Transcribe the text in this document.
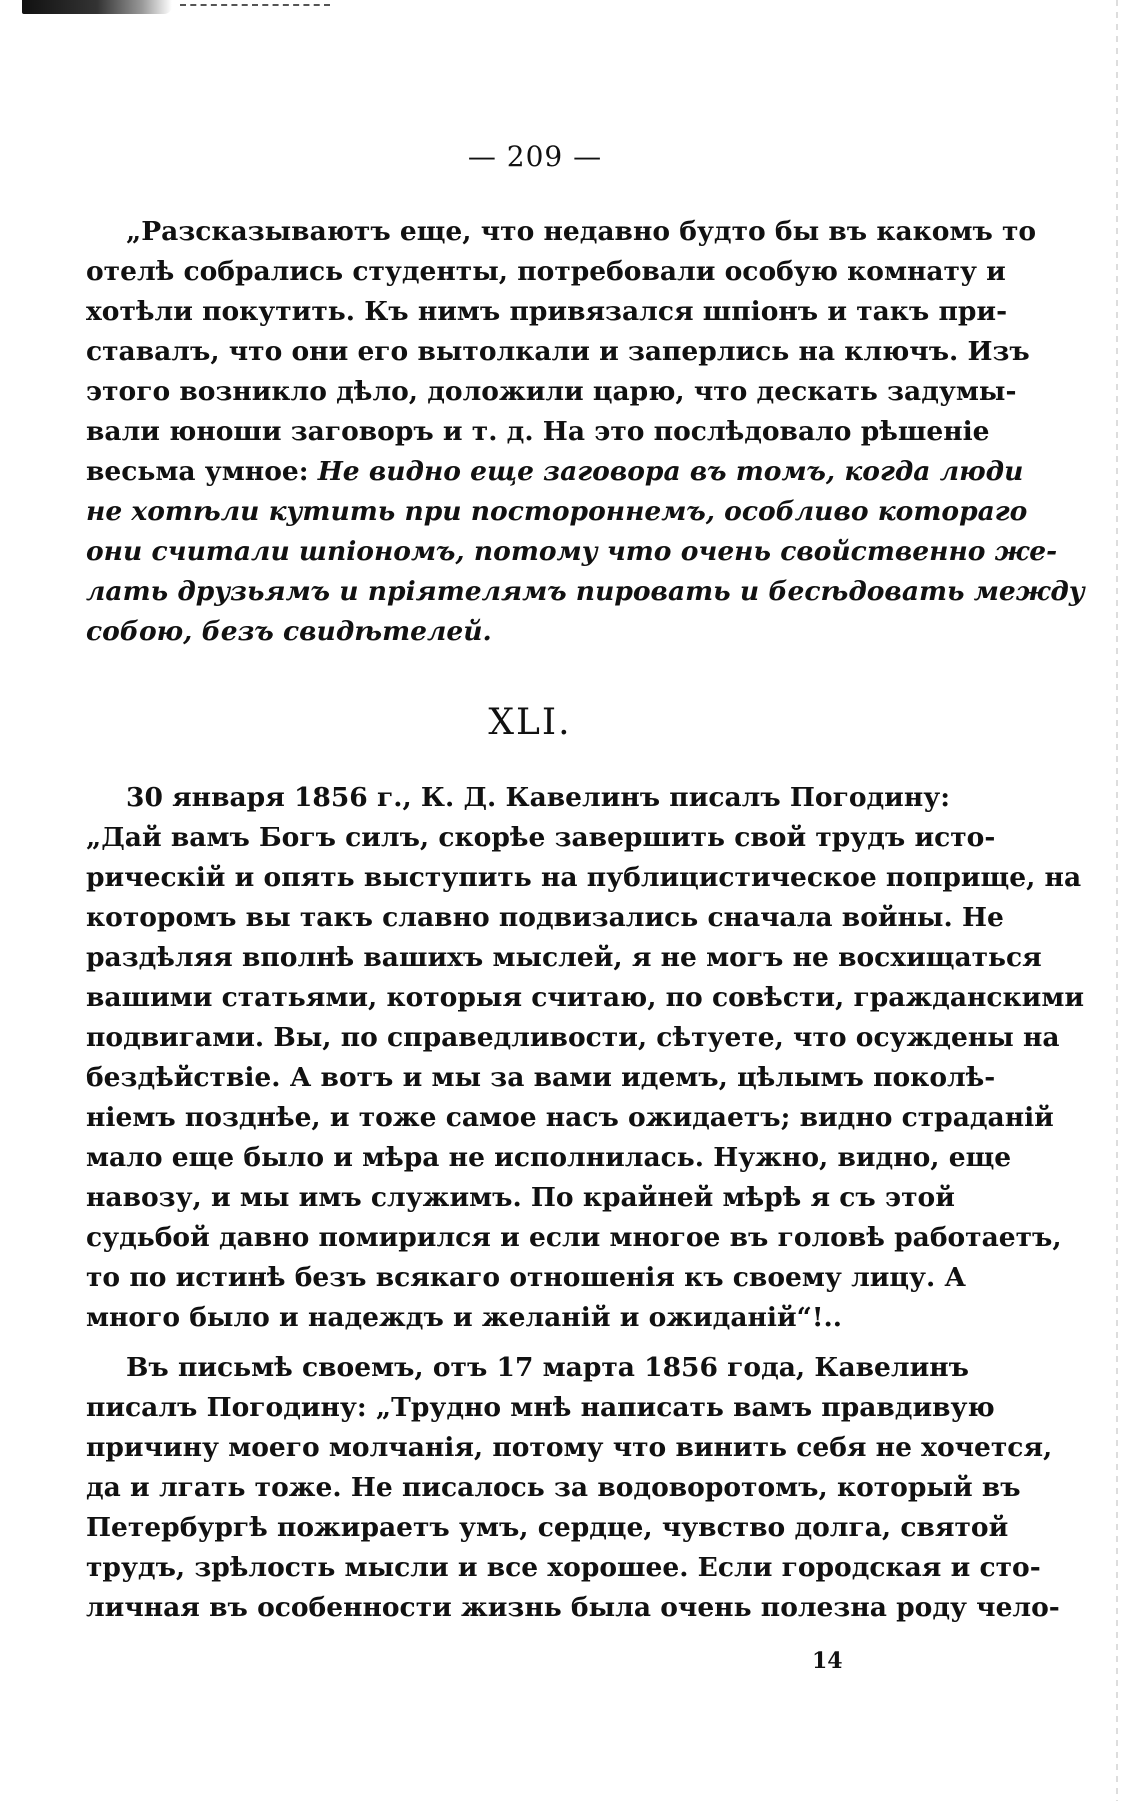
— 209 —
„Разсказываютъ еще, что недавно будто бы въ какомъ то
отелѣ собрались студенты, потребовали особую комнату и
хотѣли покутить. Къ нимъ привязался шпіонъ и такъ при-
ставалъ, что они его вытолкали и заперлись на ключъ. Изъ
этого возникло дѣло, доложили царю, что дескать задумы-
вали юноши заговоръ и т. д. На это послѣдовало рѣшеніе
весьма умное: Не видно еще заговора въ томъ, когда люди
не хотѣли кутить при постороннемъ, особливо котораго
они считали шпіономъ, потому что очень свойственно же-
лать друзьямъ и пріятелямъ пировать и бесѣдовать между
собою, безъ свидѣтелей.
XLI.
30 января 1856 г., К. Д. Кавелинъ писалъ Погодину:
„Дай вамъ Богъ силъ, скорѣе завершить свой трудъ исто-
рическій и опять выступить на публицистическое поприще, на
которомъ вы такъ славно подвизались сначала войны. Не
раздѣляя вполнѣ вашихъ мыслей, я не могъ не восхищаться
вашими статьями, которыя считаю, по совѣсти, гражданскими
подвигами. Вы, по справедливости, сѣтуете, что осуждены на
бездѣйствіе. А вотъ и мы за вами идемъ, цѣлымъ поколѣ-
ніемъ позднѣе, и тоже самое насъ ожидаетъ; видно страданій
мало еще было и мѣра не исполнилась. Нужно, видно, еще
навозу, и мы имъ служимъ. По крайней мѣрѣ я съ этой
судьбой давно помирился и если многое въ головѣ работаетъ,
то по истинѣ безъ всякаго отношенія къ своему лицу. А
много было и надеждъ и желаній и ожиданій“!..
Въ письмѣ своемъ, отъ 17 марта 1856 года, Кавелинъ
писалъ Погодину: „Трудно мнѣ написать вамъ правдивую
причину моего молчанія, потому что винить себя не хочется,
да и лгать тоже. Не писалось за водоворотомъ, который въ
Петербургѣ пожираетъ умъ, сердце, чувство долга, святой
трудъ, зрѣлость мысли и все хорошее. Если городская и сто-
личная въ особенности жизнь была очень полезна роду чело-
14
